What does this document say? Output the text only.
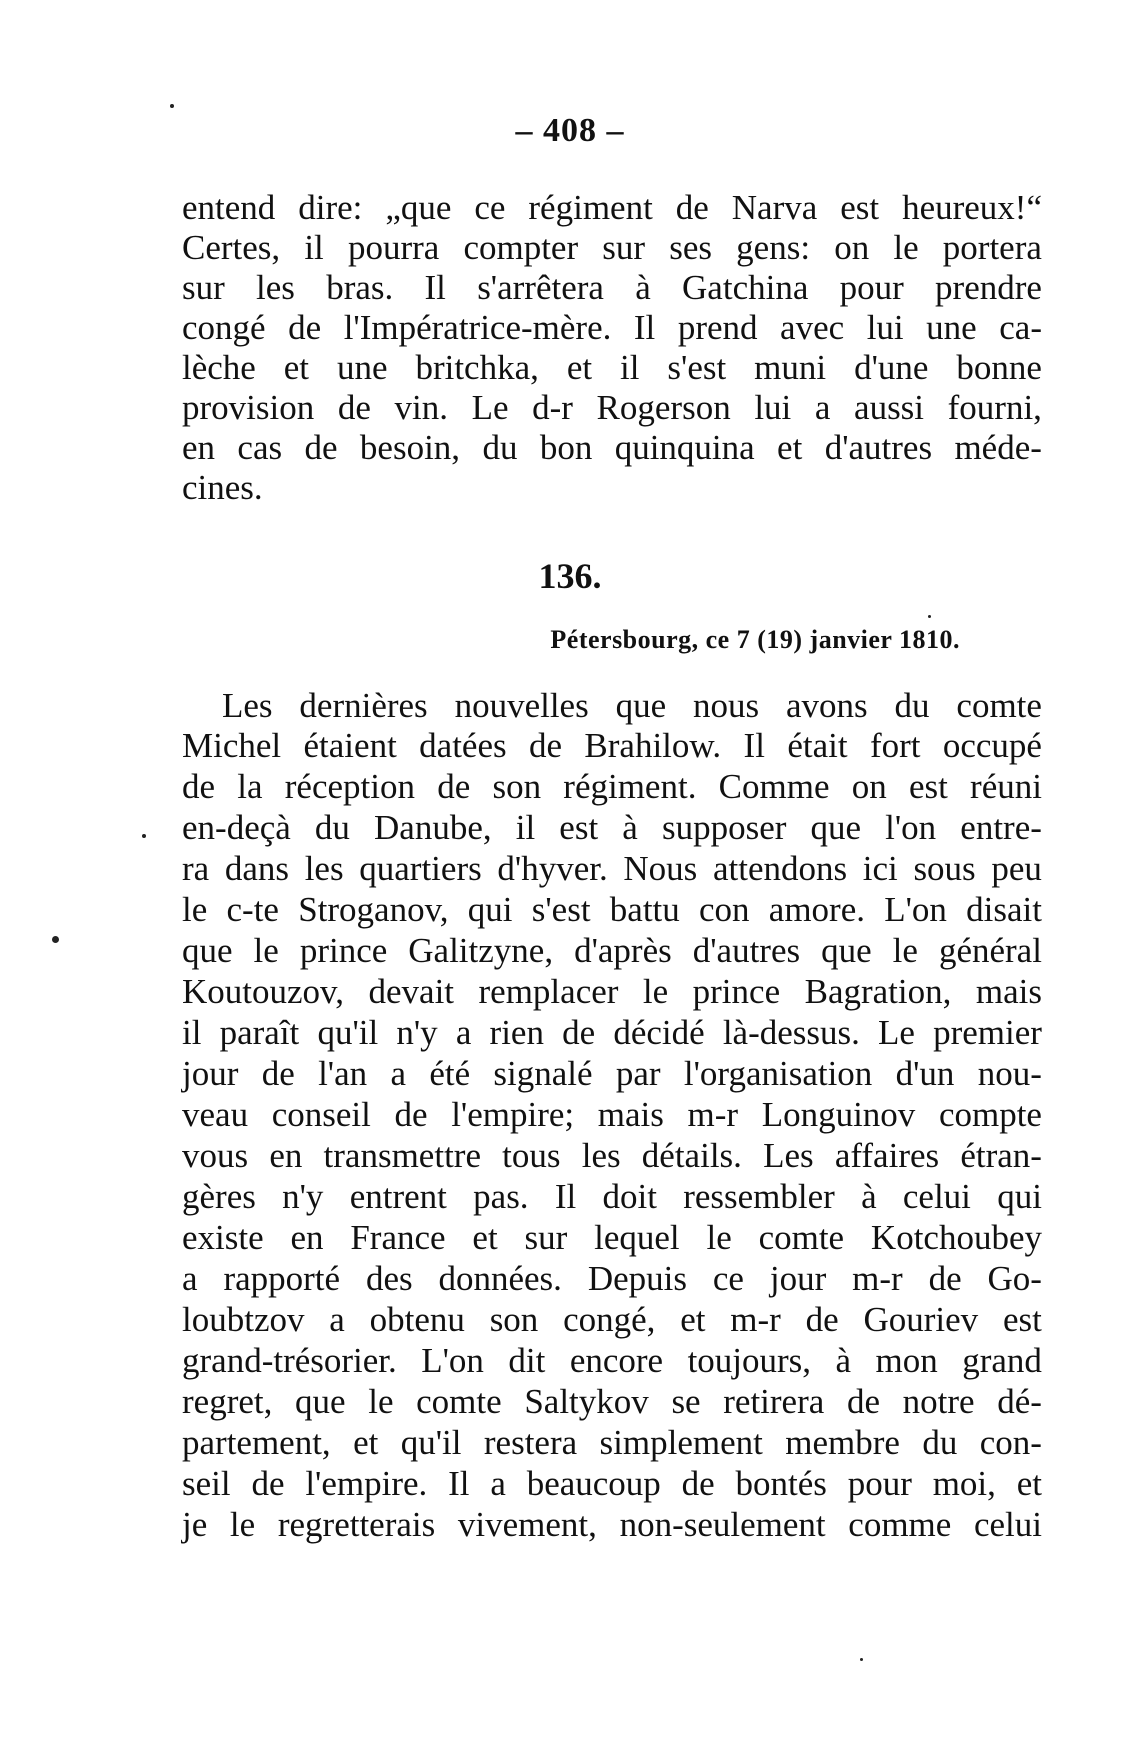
– 408 –
entend dire: „que ce régiment de Narva est heureux!“
Certes, il pourra compter sur ses gens: on le portera
sur les bras. Il s'arrêtera à Gatchina pour prendre
congé de l'Impératrice-mère. Il prend avec lui une ca-
lèche et une britchka, et il s'est muni d'une bonne
provision de vin. Le d-r Rogerson lui a aussi fourni,
en cas de besoin, du bon quinquina et d'autres méde-
cines.
136.
Pétersbourg, ce 7 (19) janvier 1810.
Les dernières nouvelles que nous avons du comte
Michel étaient datées de Brahilow. Il était fort occupé
de la réception de son régiment. Comme on est réuni
en-deçà du Danube, il est à supposer que l'on entre-
ra dans les quartiers d'hyver. Nous attendons ici sous peu
le c-te Stroganov, qui s'est battu con amore. L'on disait
que le prince Galitzyne, d'après d'autres que le général
Koutouzov, devait remplacer le prince Bagration, mais
il paraît qu'il n'y a rien de décidé là-dessus. Le premier
jour de l'an a été signalé par l'organisation d'un nou-
veau conseil de l'empire; mais m-r Longuinov compte
vous en transmettre tous les détails. Les affaires étran-
gères n'y entrent pas. Il doit ressembler à celui qui
existe en France et sur lequel le comte Kotchoubey
a rapporté des données. Depuis ce jour m-r de Go-
loubtzov a obtenu son congé, et m-r de Gouriev est
grand-trésorier. L'on dit encore toujours, à mon grand
regret, que le comte Saltykov se retirera de notre dé-
partement, et qu'il restera simplement membre du con-
seil de l'empire. Il a beaucoup de bontés pour moi, et
je le regretterais vivement, non-seulement comme celui
